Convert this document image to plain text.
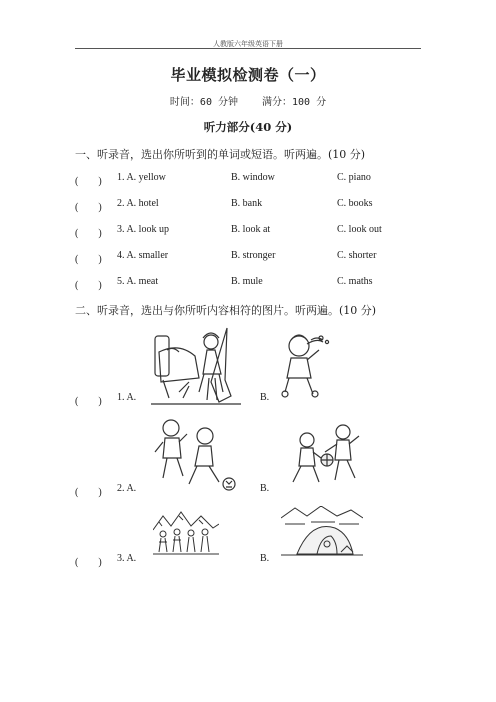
人教版六年级英语下册
毕业模拟检测卷（一）
时间：60 分钟 满分：100 分
听力部分(40 分)
一、听录音，选出你所听到的单词或短语。听两遍。(10 分)
(　　) 1. A. yellow	B. window	C. piano
(　　) 2. A. hotel	B. bank	C. books
(　　) 3. A. look up	B. look at	C. look out
(　　) 4. A. smaller	B. stronger	C. shorter
(　　) 5. A. meat	B. mule	C. maths
二、听录音，选出与你所听内容相符的图片。听两遍。(10 分)
(　　) 1. A.	B.
(　　) 2. A.	B.
(　　) 3. A.	B.
